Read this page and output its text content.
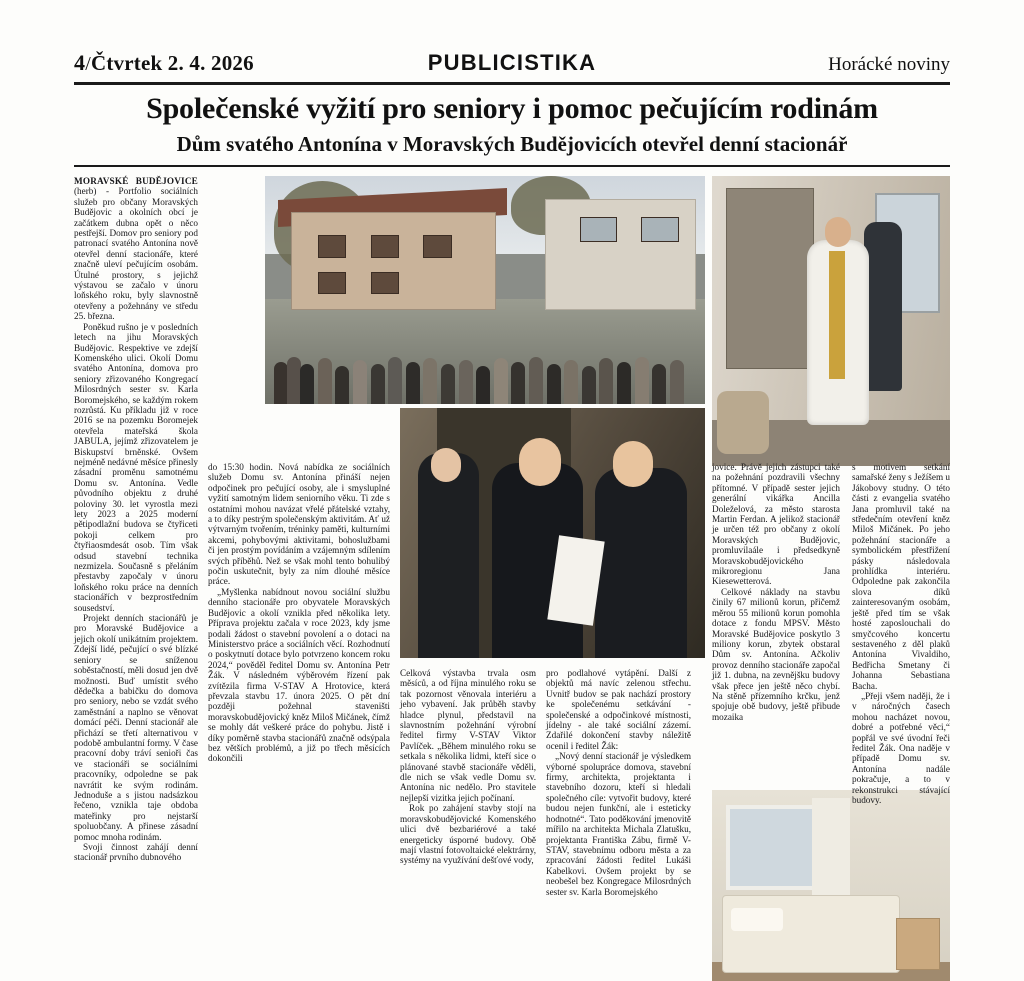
4/Čtvrtek 2. 4. 2026	PUBLICISTIKA	Horácké noviny
Společenské vyžití pro seniory i pomoc pečujícím rodinám
Dům svatého Antonína v Moravských Budějovicích otevřel denní stacionář

MORAVSKÉ BUDĚJOVICE (herb) - Portfolio sociálních služeb pro občany Moravských Budějovic a okolních obcí je začátkem dubna opět o něco pestřejší. Domov pro seniory pod patronací svatého Antonína nově otevřel denní stacionáře, které značně uleví pečujícím osobám. Útulné prostory, s jejichž výstavou se začalo v únoru loňského roku, byly slavnostně otevřeny a požehnány ve středu 25. března.

Poněkud rušno je v posledních letech na jihu Moravských Budějovic. Respektive ve zdejší Komenského ulici. Okolí Domu svatého Antonína, domova pro seniory zřizovaného Kongregací Milosrdných sester sv. Karla Boromejského, se každým rokem rozrůstá. Ku příkladu již v roce 2016 se na pozemku Boromejek otevřela mateřská škola JABULA, jejímž zřizovatelem je Biskupství brněnské. Ovšem nejméně nedávné měsíce přinesly zásadní proměnu samotnému Domu sv. Antonína. Vedle původního objektu z druhé poloviny 30. let vyrostla mezi lety 2023 a 2025 moderní pětipodlažní budova se čtyřiceti pokoji celkem pro čtyřiaosmdesát osob. Tím však odsud stavební technika nezmizela. Současně s přeláním přestavby započaly v únoru loňského roku práce na denních stacionářích v bezprostředním sousedství.

Projekt denních stacionářů je pro Moravské Budějovice a jejich okolí unikátním projektem. Zdejší lidé, pečující o své blízké seniory se sníženou soběstačností, měli dosud jen dvě možnosti. Buď umístit svého dědečka a babičku do domova pro seniory, nebo se vzdát svého zaměstnání a naplno se věnovat domácí péči. Denní stacionář ale přichází se třetí alternativou v podobě ambulantní formy. V čase pracovní doby tráví senioři čas ve stacionáři se sociálními pracovníky, odpoledne se pak navrátit ke svým rodinám. Jednoduše a s jistou nadsázkou řečeno, vznikla taje obdoba mateřinky pro nejstarší spoluobčany. A přinese zásadní pomoc mnoha rodinám.

Svoji činnost zahájí denní stacionář prvního dubnového

do 15:30 hodin. Nová nabídka ze sociálních služeb Domu sv. Antonína přináší nejen odpočinek pro pečující osoby, ale i smysluplné vyžití samotným lidem seniorního věku. Ti zde s ostatními mohou navázat vřelé přátelské vztahy, a to díky pestrým společenským aktivitám. Ať už výtvarným tvořením, tréninky paměti, kulturními akcemi, pohybovými aktivitami, bohoslužbami či jen prostým povídáním a vzájemným sdílením svých příběhů. Než se však mohl tento bohulibý počin uskutečnit, byly za ním dlouhé měsíce práce.

„Myšlenka nabídnout novou sociální službu denního stacionáře pro obyvatele Moravských Budějovic a okolí vznikla před několika lety. Příprava projektu začala v roce 2023, kdy jsme podali žádost o stavební povolení a o dotaci na Ministerstvo práce a sociálních věcí. Rozhodnutí o poskytnutí dotace bylo potvrzeno koncem roku 2024,“ pověděl ředitel Domu sv. Antonína Petr Žák. V následném výběrovém řízení pak zvítězila firma V-STAV A Hrotovice, která převzala stavbu 17. února 2025. O pět dní později požehnal staveništi moravskobudějovický kněz Miloš Mičánek, čímž se mohly dát veškeré práce do pohybu. Jistě i díky poměrně stavba stacionářů značně odsýpala bez větších problémů, a již po třech měsících dokončili

Celková výstavba trvala osm měsíců, a od října minulého roku se tak pozornost věnovala interiéru a jeho vybavení. Jak průběh stavby hladce plynul, představil na slavnostním požehnání výrobní ředitel firmy V-STAV Viktor Pavlíček. „Během minulého roku se setkala s několika lidmi, kteří sice o plánované stavbě stacionáře věděli, dle nich se však vedle Domu sv. Antonína nic nedělo. Pro stavitele nejlepší vizitka jejich počínaní.

Rok po zahájení stavby stojí na moravskobudějovické Komenského ulici dvě bezbariérové a také energeticky úsporné budovy. Obě mají vlastní fotovoltaické elektrárny, systémy na využívání dešťové vody,

pro podlahové vytápění. Další z objektů má navíc zelenou střechu. Uvnitř budov se pak nachází prostory ke společenému setkávání - společenské a odpočinkové místnosti, jídelny - ale také sociální zázemí. Zdařilé dokončení stavby náležitě ocenil i ředitel Žák:

„Nový denní stacionář je výsledkem výborné spolupráce domova, stavební firmy, architekta, projektanta i stavebního dozoru, kteří si hledali společného cíle: vytvořit budovy, které budou nejen funkční, ale i esteticky hodnotné“. Tato poděkování jmenovitě mířilo na architekta Michala Zlatušku, projektanta Františka Zábu, firmě V-STAV, stavebnímu odboru města a za zpracování žádosti ředitel Lukáši Kabelkovi. Ovšem projekt by se neobešel bez Kongregace Milosrdných sester sv. Karla Boromejského

jovice. Právě jejich zástupci také na požehnání pozdravili všechny přítomné. V případě sester jejich generální vikářka Ancilla Doleželová, za město starosta Martin Ferdan. A jelikož stacionář je určen též pro občany z okolí Moravských Budějovic, promluvilaále i předsedkyně Moravskobudějovického mikroregionu Jana Kiesewetterová.

Celkové náklady na stavbu činily 67 milionů korun, přičemž měrou 55 milionů korun pomohla dotace z fondu MPSV. Město Moravské Budějovice poskytlo 3 miliony korun, zbytek obstaral Dům sv. Antonína. Ačkoliv provoz denního stacionáře započal již 1. dubna, na zevnějšku budovy však přece jen ještě něco chybí. Na stěně přízemního krčku, jenž spojuje obě budovy, ještě přibude mozaika

s motivem setkání samařské ženy s Ježíšem u Jákobovy studny. O této části z evangelia svatého Jana promluvil také na středečním otevření kněz Miloš Mičánek. Po jeho požehnání stacionáře a symbolickém přestřižení pásky následovala prohlídka interiéru. Odpoledne pak zakončila slova díků zainteresovaným osobám, ještě před tím se však hosté zaposlouchali do smyčcového koncertu sestaveného z děl plaků Antonína Vivaldiho, Bedřicha Smetany či Johanna Sebastiana Bacha.

„Přeji všem naději, že i v náročných časech mohou nacházet novou, dobré a potřebné věci,“ popřál ve své úvodní řeči ředitel Žák. Ona naděje v případě Domu sv. Antonína nadále pokračuje, a to v rekonstrukci stávající budovy.
